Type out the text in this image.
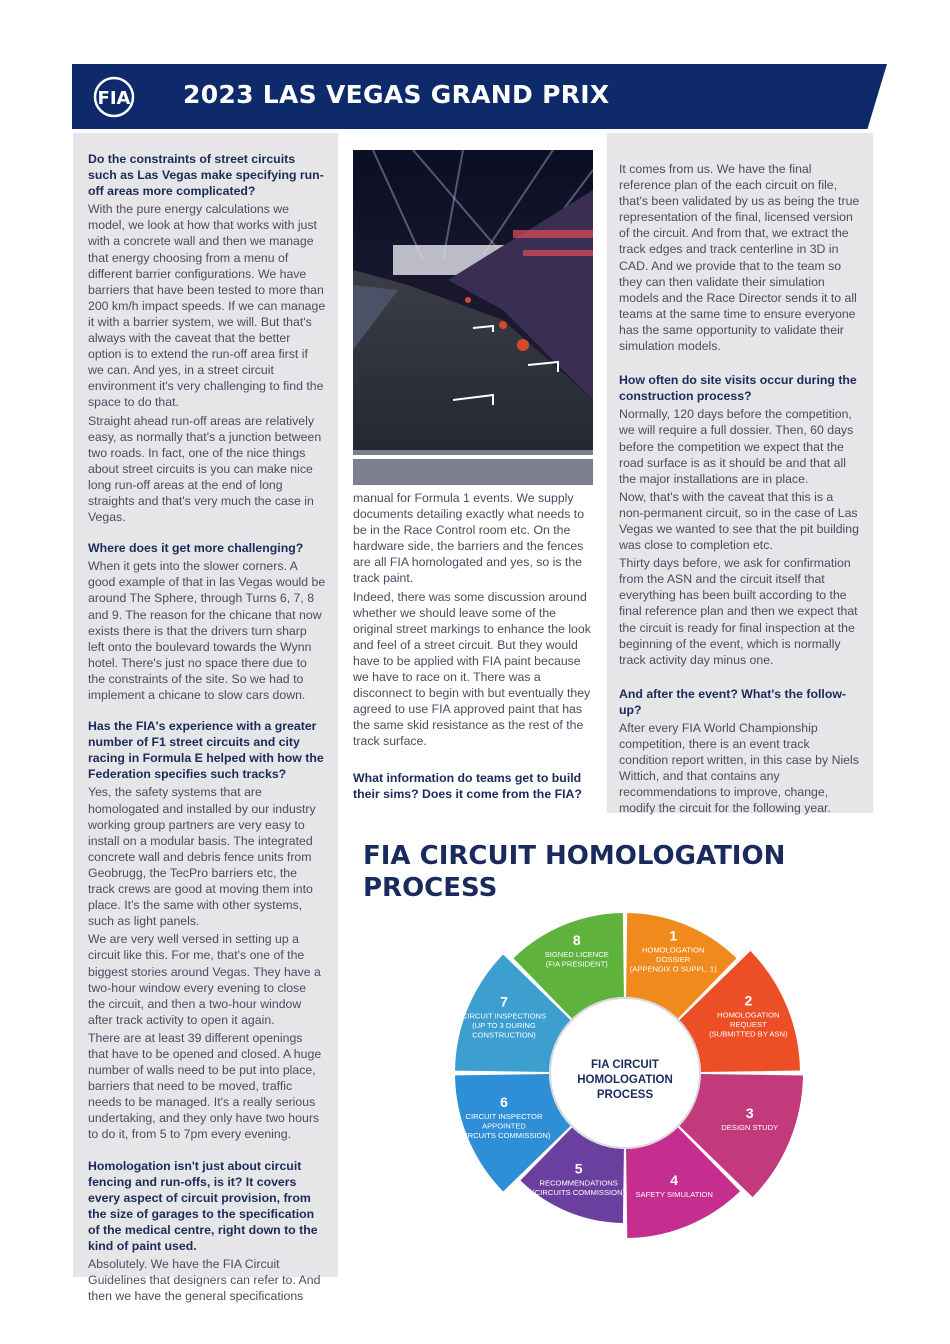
FIA 2023 LAS VEGAS GRAND PRIX

Do the constraints of street circuits such as Las Vegas make specifying run-off areas more complicated?

With the pure energy calculations we model, we look at how that works with just with a concrete wall and then we manage that energy choosing from a menu of different barrier configurations. We have barriers that have been tested to more than 200 km/h impact speeds. If we can manage it with a barrier system, we will. But that's always with the caveat that the better option is to extend the run-off area first if we can. And yes, in a street circuit environment it's very challenging to find the space to do that.

Straight ahead run-off areas are relatively easy, as normally that's a junction between two roads. In fact, one of the nice things about street circuits is you can make nice long run-off areas at the end of long straights and that's very much the case in Vegas.

Where does it get more challenging?

When it gets into the slower corners. A good example of that in las Vegas would be around The Sphere, through Turns 6, 7, 8 and 9. The reason for the chicane that now exists there is that the drivers turn sharp left onto the boulevard towards the Wynn hotel. There's just no space there due to the constraints of the site. So we had to implement a chicane to slow cars down.

Has the FIA's experience with a greater number of F1 street circuits and city racing in Formula E helped with how the Federation specifies such tracks?

Yes, the safety systems that are homologated and installed by our industry working group partners are very easy to install on a modular basis. The integrated concrete wall and debris fence units from Geobrugg, the TecPro barriers etc, the track crews are good at moving them into place. It's the same with other systems, such as light panels.

We are very well versed in setting up a circuit like this. For me, that's one of the biggest stories around Vegas. They have a two-hour window every evening to close the circuit, and then a two-hour window after track activity to open it again.

There are at least 39 different openings that have to be opened and closed. A huge number of walls need to be put into place, barriers that need to be moved, traffic needs to be managed. It's a really serious undertaking, and they only have two hours to do it, from 5 to 7pm every evening.

Homologation isn't just about circuit fencing and run-offs, is it? It covers every aspect of circuit provision, from the size of garages to the specification of the medical centre, right down to the kind of paint used.

Absolutely. We have the FIA Circuit Guidelines that designers can refer to. And then we have the general specifications

manual for Formula 1 events. We supply documents detailing exactly what needs to be in the Race Control room etc. On the hardware side, the barriers and the fences are all FIA homologated and yes, so is the track paint.

Indeed, there was some discussion around whether we should leave some of the original street markings to enhance the look and feel of a street circuit. But they would have to be applied with FIA paint because we have to race on it. There was a disconnect to begin with but eventually they agreed to use FIA approved paint that has the same skid resistance as the rest of the track surface.

What information do teams get to build their sims? Does it come from the FIA?

It comes from us. We have the final reference plan of the each circuit on file, that's been validated by us as being the true representation of the final, licensed version of the circuit. And from that, we extract the track edges and track centerline in 3D in CAD. And we provide that to the team so they can then validate their simulation models and the Race Director sends it to all teams at the same time to ensure everyone has the same opportunity to validate their simulation models.

How often do site visits occur during the construction process?

Normally, 120 days before the competition, we will require a full dossier. Then, 60 days before the competition we expect that the road surface is as it should be and that all the major installations are in place.

Now, that's with the caveat that this is a non-permanent circuit, so in the case of Las Vegas we wanted to see that the pit building was close to completion etc.

Thirty days before, we ask for confirmation from the ASN and the circuit itself that everything has been built according to the final reference plan and then we expect that the circuit is ready for final inspection at the beginning of the event, which is normally track activity day minus one.

And after the event? What's the follow-up?

After every FIA World Championship competition, there is an event track condition report written, in this case by Niels Wittich, and that contains any recommendations to improve, change, modify the circuit for the following year.

FIA CIRCUIT HOMOLOGATION
PROCESS
1
HOMOLOGATION
DOSSIER
(APPENDIX O SUPPL. 1)
2
HOMOLOGATION
REQUEST
(SUBMITTED BY ASN)
3
DESIGN STUDY
4
SAFETY SIMULATION
5
RECOMMENDATIONS
(CIRCUITS COMMISSION)
6
CIRCUIT INSPECTOR
APPOINTED
(CIRCUITS COMMISSION)
7
CIRCUIT INSPECTIONS
(UP TO 3 DURING
CONSTRUCTION)
8
SIGNED LICENCE
(FIA PRESIDENT)
FIA CIRCUIT
HOMOLOGATION
PROCESS
